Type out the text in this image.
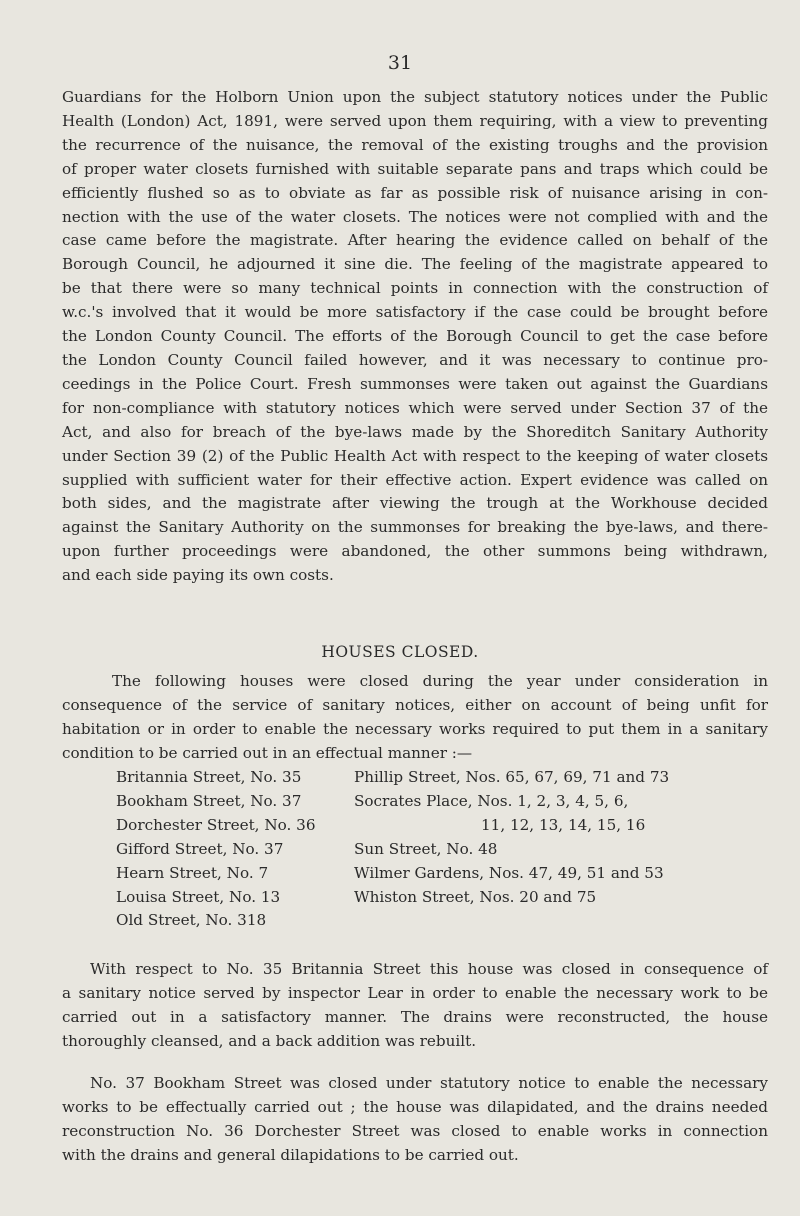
31
Guardians for the Holborn Union upon the subject statutory notices under the Public
Health (London) Act, 1891, were served upon them requiring, with a view to preventing
the recurrence of the nuisance, the removal of the existing troughs and the provision
of proper water closets furnished with suitable separate pans and traps which could be
efficiently flushed so as to obviate as far as possible risk of nuisance arising in con-
nection with the use of the water closets. The notices were not complied with and the
case came before the magistrate. After hearing the evidence called on behalf of the
Borough Council, he adjourned it sine die. The feeling of the magistrate appeared to
be that there were so many technical points in connection with the construction of
w.c.'s involved that it would be more satisfactory if the case could be brought before
the London County Council. The efforts of the Borough Council to get the case before
the London County Council failed however, and it was necessary to continue pro-
ceedings in the Police Court. Fresh summonses were taken out against the Guardians
for non-compliance with statutory notices which were served under Section 37 of the
Act, and also for breach of the bye-laws made by the Shoreditch Sanitary Authority
under Section 39 (2) of the Public Health Act with respect to the keeping of water closets
supplied with sufficient water for their effective action. Expert evidence was called on
both sides, and the magistrate after viewing the trough at the Workhouse decided
against the Sanitary Authority on the summonses for breaking the bye-laws, and there-
upon further proceedings were abandoned, the other summons being withdrawn,
and each side paying its own costs.
HOUSES CLOSED.
The following houses were closed during the year under consideration in
consequence of the service of sanitary notices, either on account of being unfit for
habitation or in order to enable the necessary works required to put them in a sanitary
condition to be carried out in an effectual manner :—
Britannia Street, No. 35
Bookham Street, No. 37
Dorchester Street, No. 36
Gifford Street, No. 37
Hearn Street, No. 7
Louisa Street, No. 13
Old Street, No. 318
Phillip Street, Nos. 65, 67, 69, 71 and 73
Socrates Place, Nos. 1, 2, 3, 4, 5, 6,
11, 12, 13, 14, 15, 16
Sun Street, No. 48
Wilmer Gardens, Nos. 47, 49, 51 and 53
Whiston Street, Nos. 20 and 75
With respect to No. 35 Britannia Street this house was closed in consequence of
a sanitary notice served by inspector Lear in order to enable the necessary work to be
carried out in a satisfactory manner. The drains were reconstructed, the house
thoroughly cleansed, and a back addition was rebuilt.
No. 37 Bookham Street was closed under statutory notice to enable the necessary
works to be effectually carried out ; the house was dilapidated, and the drains needed
reconstruction No. 36 Dorchester Street was closed to enable works in connection
with the drains and general dilapidations to be carried out.
